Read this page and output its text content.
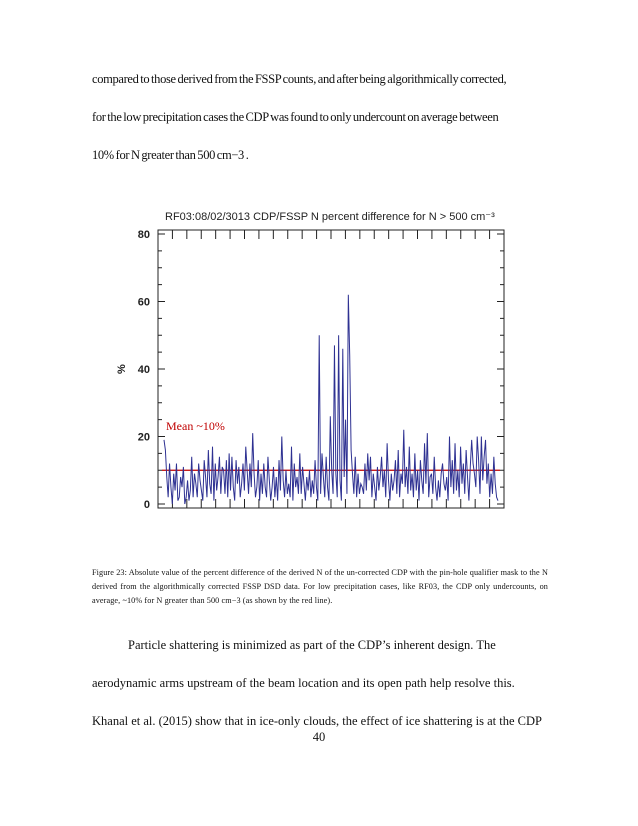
compared to those derived from the FSSP counts, and after being algorithmically corrected,
for the low precipitation cases the CDP was found to only undercount on average between
10% for N greater than 500 cm−3 .
RF03:08/02/3013 CDP/FSSP N percent difference for N > 500 cm⁻³
0
20
40
60
80
%
Mean ~10%
Figure 23: Absolute value of the percent difference of the derived N of the un-corrected CDP with the pin-hole qualifier mask to the N derived from the algorithmically corrected FSSP DSD data. For low precipitation cases, like RF03, the CDP only undercounts, on average, ~10% for N greater than 500 cm−3 (as shown by the red line).
Particle shattering is minimized as part of the CDP’s inherent design. The
aerodynamic arms upstream of the beam location and its open path help resolve this.
Khanal et al. (2015) show that in ice-only clouds, the effect of ice shattering is at the CDP
40
